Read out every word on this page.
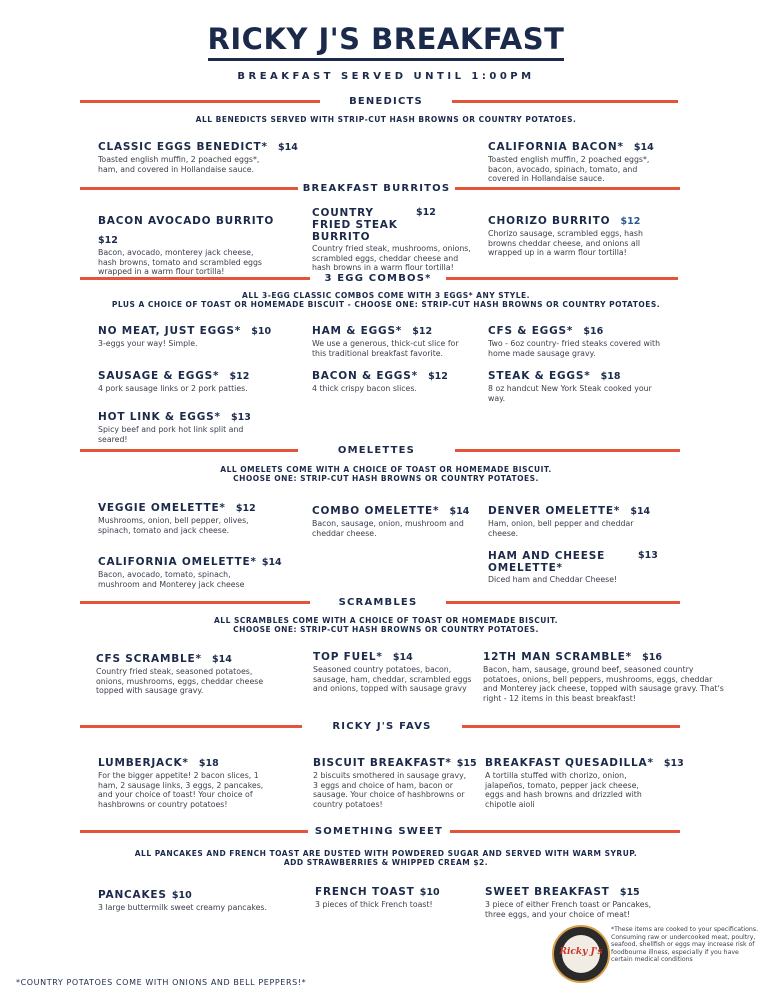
RICKY J'S BREAKFAST
BREAKFAST SERVED UNTIL 1:00PM
BENEDICTS
ALL BENEDICTS SERVED WITH STRIP-CUT HASH BROWNS OR COUNTRY POTATOES.
CLASSIC EGGS BENEDICT* $14
Toasted english muffin, 2 poached eggs*, ham, and covered in Hollandaise sauce.
CALIFORNIA BACON* $14
Toasted english muffin, 2 poached eggs*, bacon, avocado, spinach, tomato, and covered in Hollandaise sauce.
BREAKFAST BURRITOS
BACON AVOCADO BURRITO $12
Bacon, avocado, monterey jack cheese, hash browns, tomato and scrambled eggs wrapped in a warm flour tortilla!
COUNTRY FRIED STEAK BURRITO
$12
Country fried steak, mushrooms, onions, scrambled eggs, cheddar cheese and hash browns in a warm flour tortilla!
CHORIZO BURRITO $12
Chorizo sausage, scrambled eggs, hash browns cheddar cheese, and onions all wrapped up in a warm flour tortilla!
3 EGG COMBOS*
ALL 3-EGG CLASSIC COMBOS COME WITH 3 EGGS* ANY STYLE.
PLUS A CHOICE OF TOAST OR HOMEMADE BISCUIT - CHOOSE ONE: STRIP-CUT HASH BROWNS OR COUNTRY POTATOES.
NO MEAT, JUST EGGS* $10
3-eggs your way! Simple.
HAM & EGGS* $12
We use a generous, thick-cut slice for this traditional breakfast favorite.
CFS & EGGS* $16
Two - 6oz country- fried steaks covered with home made sausage gravy.
SAUSAGE & EGGS* $12
4 pork sausage links or 2 pork patties.
BACON & EGGS* $12
4 thick crispy bacon slices.
STEAK & EGGS* $18
8 oz handcut New York Steak cooked your way.
HOT LINK & EGGS* $13
Spicy beef and pork hot link split and seared!
OMELETTES
ALL OMELETS COME WITH A CHOICE OF TOAST OR HOMEMADE BISCUIT.
CHOOSE ONE: STRIP-CUT HASH BROWNS OR COUNTRY POTATOES.
VEGGIE OMELETTE* $12
Mushrooms, onion, bell pepper, olives, spinach, tomato and jack cheese.
COMBO OMELETTE* $14
Bacon, sausage, onion, mushroom and cheddar cheese.
DENVER OMELETTE* $14
Ham, onion, bell pepper and cheddar cheese.
CALIFORNIA OMELETTE* $14
Bacon, avocado, tomato, spinach, mushroom and Monterey jack cheese
HAM AND CHEESE OMELETTE*
$13
Diced ham and Cheddar Cheese!
SCRAMBLES
ALL SCRAMBLES COME WITH A CHOICE OF TOAST OR HOMEMADE BISCUIT.
CHOOSE ONE: STRIP-CUT HASH BROWNS OR COUNTRY POTATOES.
CFS SCRAMBLE* $14
Country fried steak, seasoned potatoes, onions, mushrooms, eggs, cheddar cheese topped with sausage gravy.
TOP FUEL* $14
Seasoned country potatoes, bacon, sausage, ham, cheddar, scrambled eggs and onions, topped with sausage gravy
12TH MAN SCRAMBLE* $16
Bacon, ham, sausage, ground beef, seasoned country potatoes, onions, bell peppers, mushrooms, eggs, cheddar and Monterey jack cheese, topped with sausage gravy. That's right - 12 items in this beast breakfast!
RICKY J'S FAVS
LUMBERJACK* $18
For the bigger appetite! 2 bacon slices, 1 ham, 2 sausage links, 3 eggs, 2 pancakes, and your choice of toast! Your choice of hashbrowns or country potatoes!
BISCUIT BREAKFAST* $15
2 biscuits smothered in sausage gravy, 3 eggs and choice of ham, bacon or sausage. Your choice of hashbrowns or country potatoes!
BREAKFAST QUESADILLA* $13
A tortilla stuffed with chorizo, onion, jalapeños, tomato, pepper jack cheese, eggs and hash browns and drizzled with chipotle aioli
SOMETHING SWEET
ALL PANCAKES AND FRENCH TOAST ARE DUSTED WITH POWDERED SUGAR AND SERVED WITH WARM SYRUP.
ADD STRAWBERRIES & WHIPPED CREAM $2.
PANCAKES $10
3 large buttermilk sweet creamy pancakes.
FRENCH TOAST $10
3 pieces of thick French toast!
SWEET BREAKFAST $15
3 piece of either French toast or Pancakes, three eggs, and your choice of meat!
Ricky J's
*These items are cooked to your specifications. Consuming raw or undercooked meat, poultry, seafood, shellfish or eggs may increase risk of foodbourne illness, especially if you have certain medical conditions
*COUNTRY POTATOES COME WITH ONIONS AND BELL PEPPERS!*
